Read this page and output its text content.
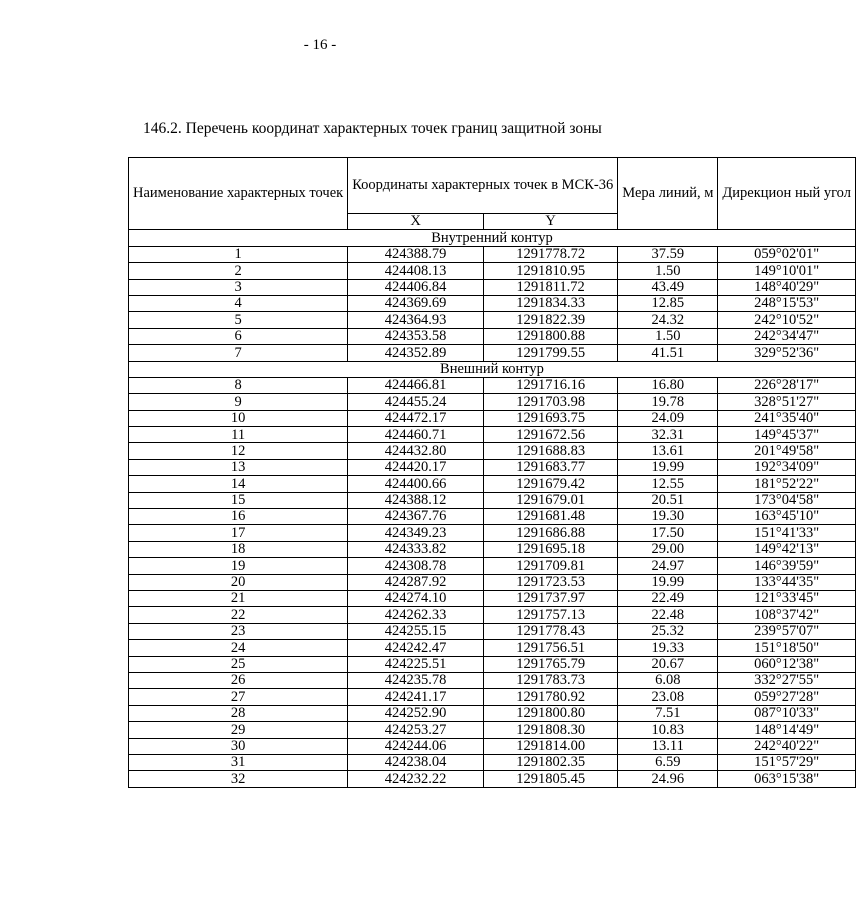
- 16 -
146.2. Перечень координат характерных точек границ защитной зоны
Наименование характерных точек	Координаты характерных точек в МСК-36		Мера линий, м	Дирекцион ный угол
	X	Y		
Внутренний контур				
1	424388.79	1291778.72	37.59	059°02'01"
2	424408.13	1291810.95	1.50	149°10'01"
3	424406.84	1291811.72	43.49	148°40'29"
4	424369.69	1291834.33	12.85	248°15'53"
5	424364.93	1291822.39	24.32	242°10'52"
6	424353.58	1291800.88	1.50	242°34'47"
7	424352.89	1291799.55	41.51	329°52'36"
Внешний контур				
8	424466.81	1291716.16	16.80	226°28'17"
9	424455.24	1291703.98	19.78	328°51'27"
10	424472.17	1291693.75	24.09	241°35'40"
11	424460.71	1291672.56	32.31	149°45'37"
12	424432.80	1291688.83	13.61	201°49'58"
13	424420.17	1291683.77	19.99	192°34'09"
14	424400.66	1291679.42	12.55	181°52'22"
15	424388.12	1291679.01	20.51	173°04'58"
16	424367.76	1291681.48	19.30	163°45'10"
17	424349.23	1291686.88	17.50	151°41'33"
18	424333.82	1291695.18	29.00	149°42'13"
19	424308.78	1291709.81	24.97	146°39'59"
20	424287.92	1291723.53	19.99	133°44'35"
21	424274.10	1291737.97	22.49	121°33'45"
22	424262.33	1291757.13	22.48	108°37'42"
23	424255.15	1291778.43	25.32	239°57'07"
24	424242.47	1291756.51	19.33	151°18'50"
25	424225.51	1291765.79	20.67	060°12'38"
26	424235.78	1291783.73	6.08	332°27'55"
27	424241.17	1291780.92	23.08	059°27'28"
28	424252.90	1291800.80	7.51	087°10'33"
29	424253.27	1291808.30	10.83	148°14'49"
30	424244.06	1291814.00	13.11	242°40'22"
31	424238.04	1291802.35	6.59	151°57'29"
32	424232.22	1291805.45	24.96	063°15'38"
